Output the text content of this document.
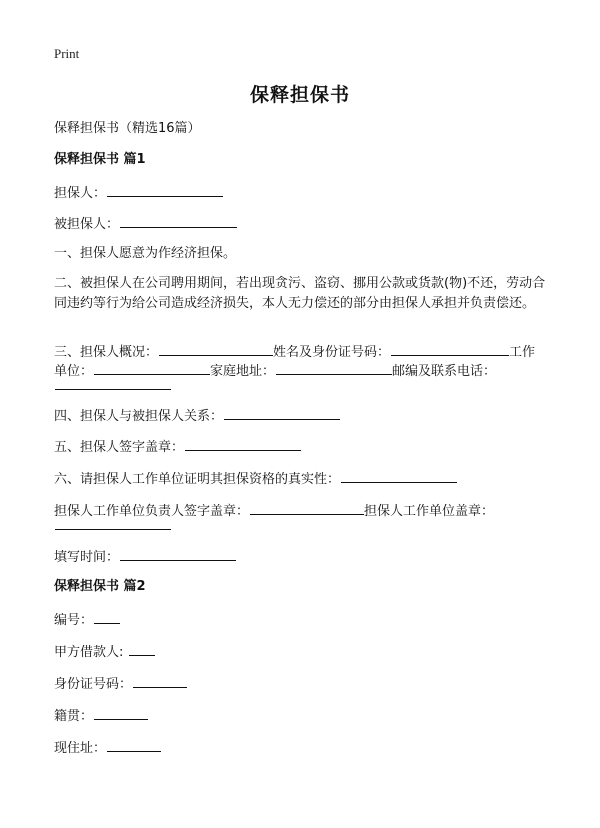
Print
保释担保书
保释担保书（精选16篇）
保释担保书 篇1
担保人：
被担保人：
一、担保人愿意为作经济担保。
二、被担保人在公司聘用期间，若出现贪污、盗窃、挪用公款或货款(物)不还，劳动合同违约等行为给公司造成经济损失，本人无力偿还的部分由担保人承担并负责偿还。
三、担保人概况：	姓名及身份证号码：	工作
单位：	家庭地址：	邮编及联系电话：
四、担保人与被担保人关系：
五、担保人签字盖章：
六、请担保人工作单位证明其担保资格的真实性：
担保人工作单位负责人签字盖章：	担保人工作单位盖章：
填写时间：
保释担保书 篇2
编号：
甲方借款人:
身份证号码：
籍贯：
现住址：
